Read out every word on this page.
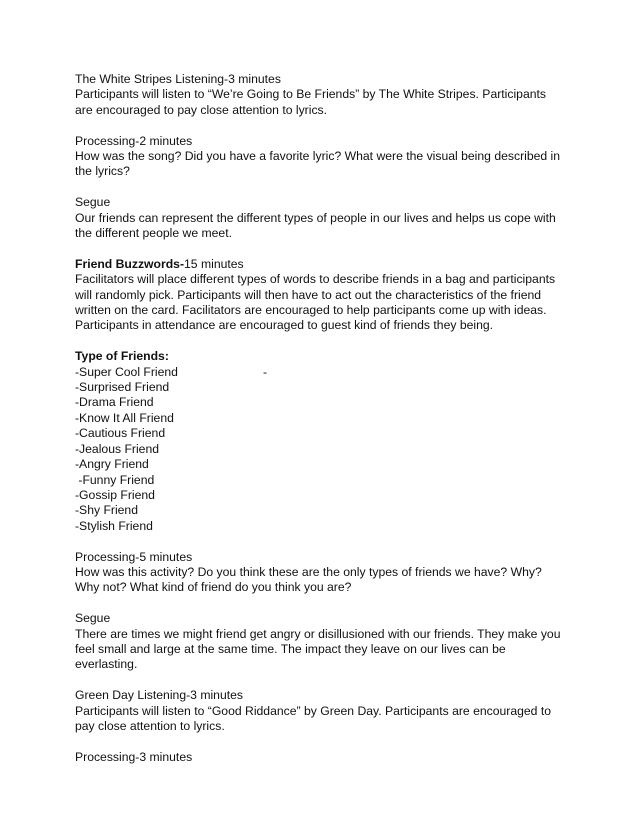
The White Stripes Listening-3 minutes
Participants will listen to “We’re Going to Be Friends” by The White Stripes. Participants are encouraged to pay close attention to lyrics.
Processing-2 minutes
How was the song? Did you have a favorite lyric? What were the visual being described in the lyrics?
Segue
Our friends can represent the different types of people in our lives and helps us cope with the different people we meet.
Friend Buzzwords-15 minutes
Facilitators will place different types of words to describe friends in a bag and participants will randomly pick. Participants will then have to act out the characteristics of the friend written on the card. Facilitators are encouraged to help participants come up with ideas. Participants in attendance are encouraged to guest kind of friends they being.
Type of Friends:
-Super Cool Friend	-
-Surprised Friend
-Drama Friend
-Know It All Friend
-Cautious Friend
-Jealous Friend
-Angry Friend
-Funny Friend
-Gossip Friend
-Shy Friend
-Stylish Friend
Processing-5 minutes
How was this activity? Do you think these are the only types of friends we have? Why? Why not? What kind of friend do you think you are?
Segue
There are times we might friend get angry or disillusioned with our friends. They make you feel small and large at the same time. The impact they leave on our lives can be everlasting.
Green Day Listening-3 minutes
Participants will listen to “Good Riddance” by Green Day. Participants are encouraged to pay close attention to lyrics.
Processing-3 minutes
